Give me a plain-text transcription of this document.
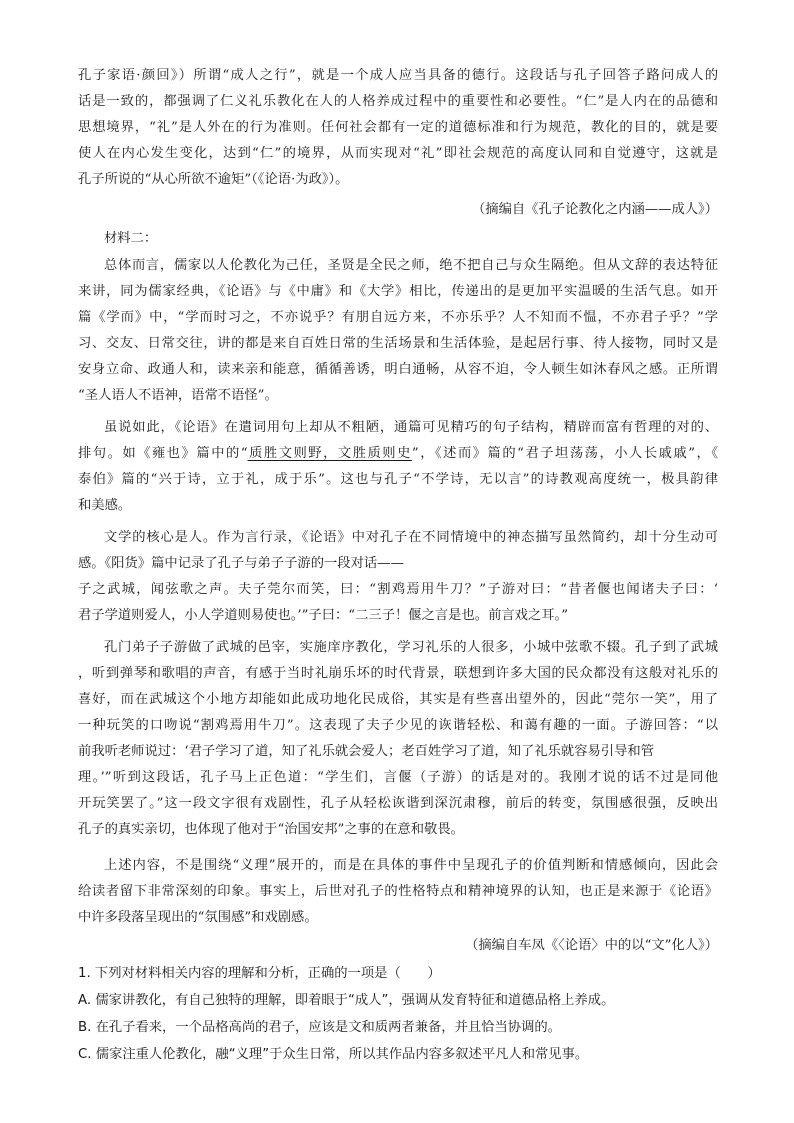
孔子家语·颜回》）所谓“成人之行”，就是一个成人应当具备的德行。这段话与孔子回答子路问成人的
话是一致的，都强调了仁义礼乐教化在人的人格养成过程中的重要性和必要性。“仁”是人内在的品德和
思想境界，“礼”是人外在的行为准则。任何社会都有一定的道德标准和行为规范，教化的目的，就是要
使人在内心发生变化，达到“仁”的境界，从而实现对“礼”即社会规范的高度认同和自觉遵守，这就是
孔子所说的“从心所欲不逾矩”（《论语·为政》）。
（摘编自《孔子论教化之内涵——成人》）
材料二：
总体而言，儒家以人伦教化为己任，圣贤是全民之师，绝不把自己与众生隔绝。但从文辞的表达特征
来讲，同为儒家经典，《论语》与《中庸》和《大学》相比，传递出的是更加平实温暖的生活气息。如开
篇《学而》中，“学而时习之，不亦说乎？有朋自远方来，不亦乐乎？人不知而不愠，不亦君子乎？”学
习、交友、日常交往，讲的都是来自百姓日常的生活场景和生活体验，是起居行事、待人接物，同时又是
安身立命、政通人和，读来亲和能意，循循善诱，明白通畅，从容不迫，令人顿生如沐春风之感。正所谓
“圣人语人不语神，语常不语怪”。
虽说如此，《论语》在遣词用句上却从不粗陋，通篇可见精巧的句子结构，精辟而富有哲理的对的、
排句。如《雍也》篇中的“质胜文则野，文胜质则史”，《述而》篇的“君子坦荡荡，小人长戚戚”，《
泰伯》篇的“兴于诗，立于礼，成于乐”。这也与孔子“不学诗，无以言”的诗教观高度统一，极具韵律
和美感。
文学的核心是人。作为言行录，《论语》中对孔子在不同情境中的神态描写虽然简约，却十分生动可
感。《阳货》篇中记录了孔子与弟子子游的一段对话——
子之武城，闻弦歌之声。夫子莞尔而笑，曰：“割鸡焉用牛刀？”子游对曰：“昔者偃也闻诸夫子曰：‘
君子学道则爱人，小人学道则易使也。’”子曰：“二三子！偃之言是也。前言戏之耳。”
孔门弟子子游做了武城的邑宰，实施庠序教化，学习礼乐的人很多，小城中弦歌不辍。孔子到了武城
，听到弹琴和歌唱的声音，有感于当时礼崩乐坏的时代背景，联想到许多大国的民众都没有这般对礼乐的
喜好，而在武城这个小地方却能如此成功地化民成俗，其实是有些喜出望外的，因此“莞尔一笑”，用了
一种玩笑的口吻说“割鸡焉用牛刀”。这表现了夫子少见的诙谐轻松、和蔼有趣的一面。子游回答：“以
前我听老师说过：‘君子学习了道，知了礼乐就会爱人；老百姓学习了道，知了礼乐就容易引导和管
理。’”听到这段话，孔子马上正色道：“学生们，言偃（子游）的话是对的。我刚才说的话不过是同他
开玩笑罢了。”这一段文字很有戏剧性，孔子从轻松诙谐到深沉肃穆，前后的转变，氛围感很强，反映出
孔子的真实亲切，也体现了他对于“治国安邦”之事的在意和敬畏。
上述内容，不是围绕“义理”展开的，而是在具体的事件中呈现孔子的价值判断和情感倾向，因此会
给读者留下非常深刻的印象。事实上，后世对孔子的性格特点和精神境界的认知，也正是来源于《论语》
中许多段落呈现出的“氛围感”和戏剧感。
（摘编自车凤《〈论语〉中的以“文”化人》）
1. 下列对材料相关内容的理解和分析，正确的一项是（　　）
A. 儒家讲教化，有自己独特的理解，即着眼于“成人”，强调从发育特征和道德品格上养成。
B. 在孔子看来，一个品格高尚的君子，应该是文和质两者兼备，并且恰当协调的。
C. 儒家注重人伦教化，融“义理”于众生日常，所以其作品内容多叙述平凡人和常见事。
